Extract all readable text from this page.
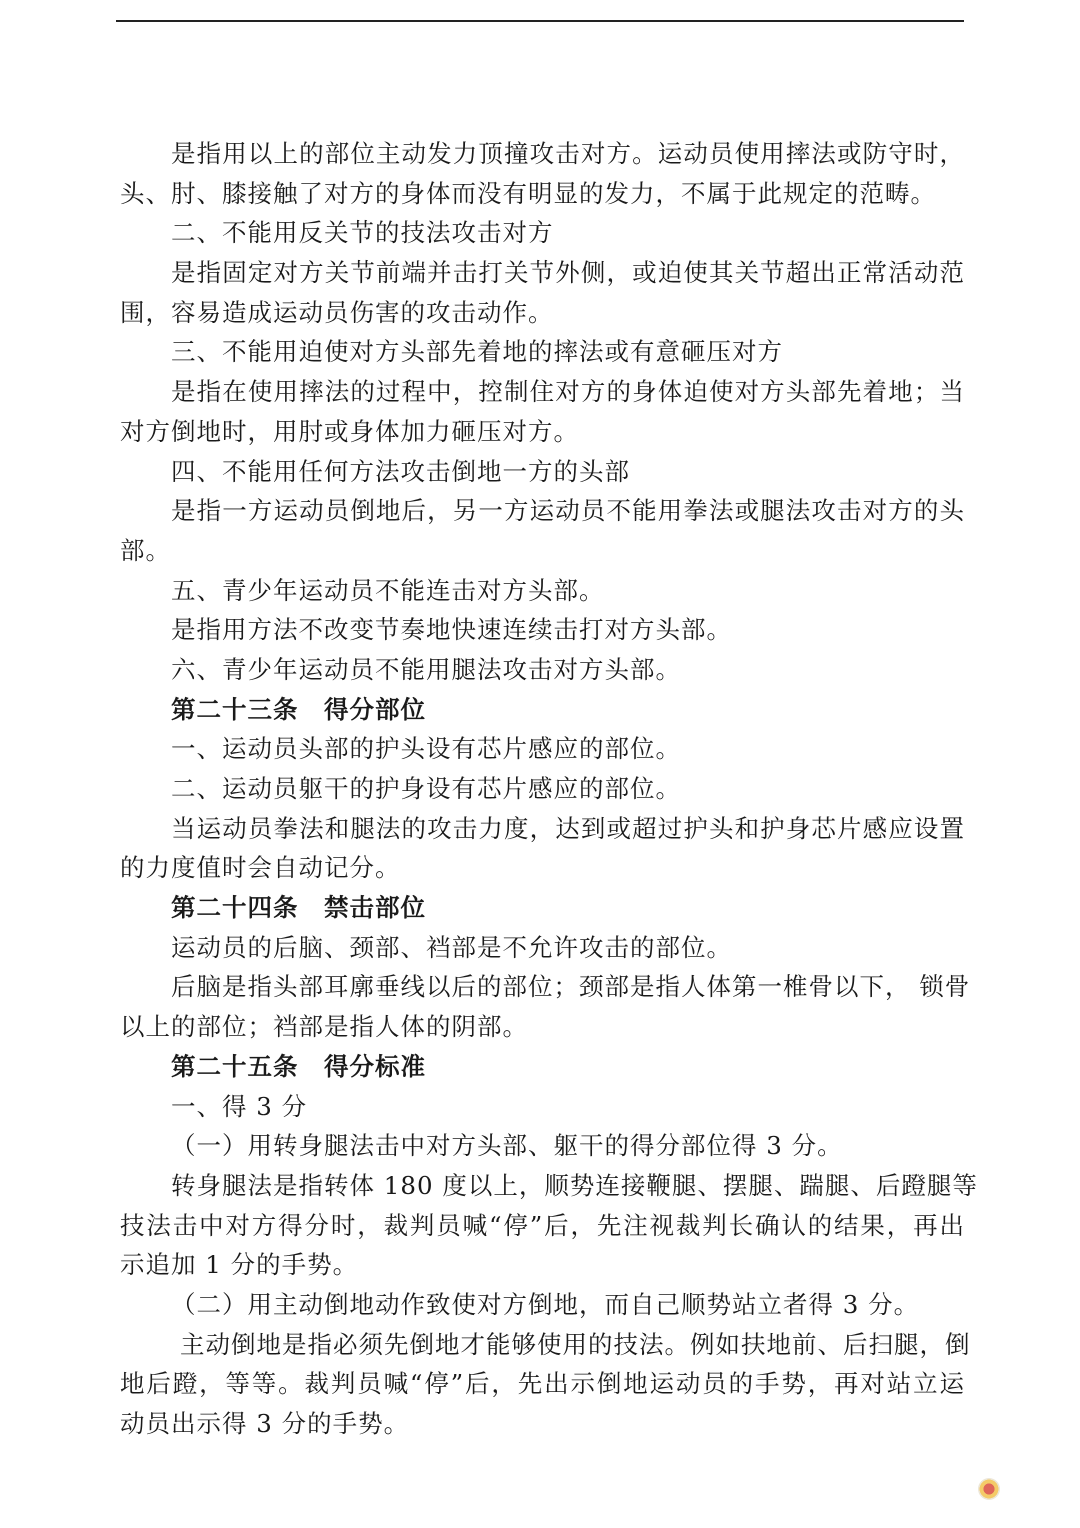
是指用以上的部位主动发力顶撞攻击对方。运动员使用摔法或防守时，
头、肘、膝接触了对方的身体而没有明显的发力，不属于此规定的范畴。
二、不能用反关节的技法攻击对方
是指固定对方关节前端并击打关节外侧，或迫使其关节超出正常活动范
围，容易造成运动员伤害的攻击动作。
三、不能用迫使对方头部先着地的摔法或有意砸压对方
是指在使用摔法的过程中，控制住对方的身体迫使对方头部先着地；当
对方倒地时，用肘或身体加力砸压对方。
四、不能用任何方法攻击倒地一方的头部
是指一方运动员倒地后，另一方运动员不能用拳法或腿法攻击对方的头
部。
五、青少年运动员不能连击对方头部。
是指用方法不改变节奏地快速连续击打对方头部。
六、青少年运动员不能用腿法攻击对方头部。
第二十三条　得分部位
一、运动员头部的护头设有芯片感应的部位。
二、运动员躯干的护身设有芯片感应的部位。
当运动员拳法和腿法的攻击力度，达到或超过护头和护身芯片感应设置
的力度值时会自动记分。
第二十四条　禁击部位
运动员的后脑、颈部、裆部是不允许攻击的部位。
后脑是指头部耳廓垂线以后的部位；颈部是指人体第一椎骨以下， 锁骨
以上的部位；裆部是指人体的阴部。
第二十五条　得分标准
一、得 3 分
（一）用转身腿法击中对方头部、躯干的得分部位得 3 分。
转身腿法是指转体 180 度以上，顺势连接鞭腿、摆腿、踹腿、后蹬腿等
技法击中对方得分时，裁判员喊“停”后，先注视裁判长确认的结果，再出
示追加 1 分的手势。
（二）用主动倒地动作致使对方倒地，而自己顺势站立者得 3 分。
主动倒地是指必须先倒地才能够使用的技法。例如扶地前、后扫腿，倒
地后蹬，等等。裁判员喊“停”后，先出示倒地运动员的手势，再对站立运
动员出示得 3 分的手势。
